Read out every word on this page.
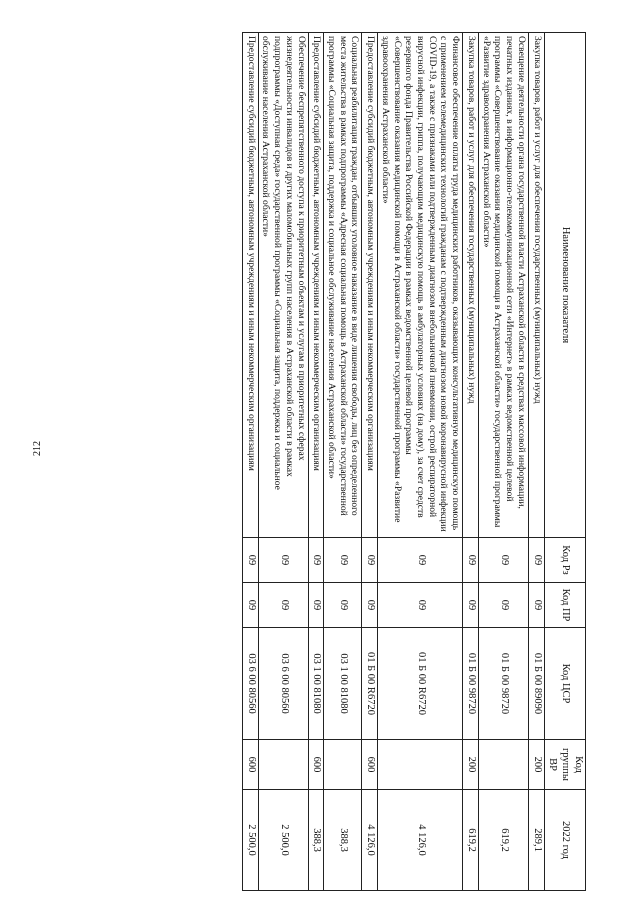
212
Наименование показателя	Код Рз	Код ПР	Код ЦСР	Код группы ВР	2022 год
Закупка товаров, работ и услуг для обеспечения государственных (муниципальных) нужд	09	09	01 Б 00 89090	200	289,1
Освещение деятельности органа государственной власти Астраханской области в средствах массовой информации, печатных изданиях, в информационно-телекоммуникационной сети «Интернет» в рамках ведомственной целевой программы «Совершенствование оказания медицинской помощи в Астраханской области» государственной программы «Развитие здравоохранения Астраханской области»	09	09	01 Б 00 98720		619,2
Закупка товаров, работ и услуг для обеспечения государственных (муниципальных) нужд	09	09	01 Б 00 98720	200	619,2
Финансовое обеспечение оплаты труда медицинских работников, оказывающих консультативную медицинскую помощь с применением телемедицинских технологий гражданам с подтвержденным диагнозом новой коронавирусной инфекции COVID-19, а также с признаками или подтвержденным диагнозом внебольничной пневмонии, острой респираторной вирусной инфекции, гриппа, получающим медицинскую помощь в амбулаторных условиях (на дому), за счет средств резервного фонда Правительства Российской Федерации в рамках ведомственной целевой программы «Совершенствование оказания медицинской помощи в Астраханской области» государственной программы «Развитие здравоохранения Астраханской области»	09	09	01 Б 00 R6720		4 126,0
Предоставление субсидий бюджетным, автономным учреждениям и иным некоммерческим организациям	09	09	01 Б 00 R6720	600	4 126,0
Социальная реабилитация граждан, отбывших уголовное наказание в виде лишения свободы, лиц без определенного места жительства в рамках подпрограммы «Адресная социальная помощь в Астраханской области» государственной программы «Социальная защита, поддержка и социальное обслуживание населения Астраханской области»	09	09	03 1 00 81080		388,3
Предоставление субсидий бюджетным, автономным учреждениям и иным некоммерческим организациям	09	09	03 1 00 81080	600	388,3
Обеспечение беспрепятственного доступа к приоритетным объектам и услугам в приоритетных сферах жизнедеятельности инвалидов и других маломобильных групп населения в Астраханской области в рамках подпрограммы «Доступная среда» государственной программы «Социальная защита, поддержка и социальное обслуживание населения Астраханской области»	09	09	03 6 00 80560		2 500,0
Предоставление субсидий бюджетным, автономным учреждениям и иным некоммерческим организациям	09	09	03 6 00 80560	600	2 500,0
